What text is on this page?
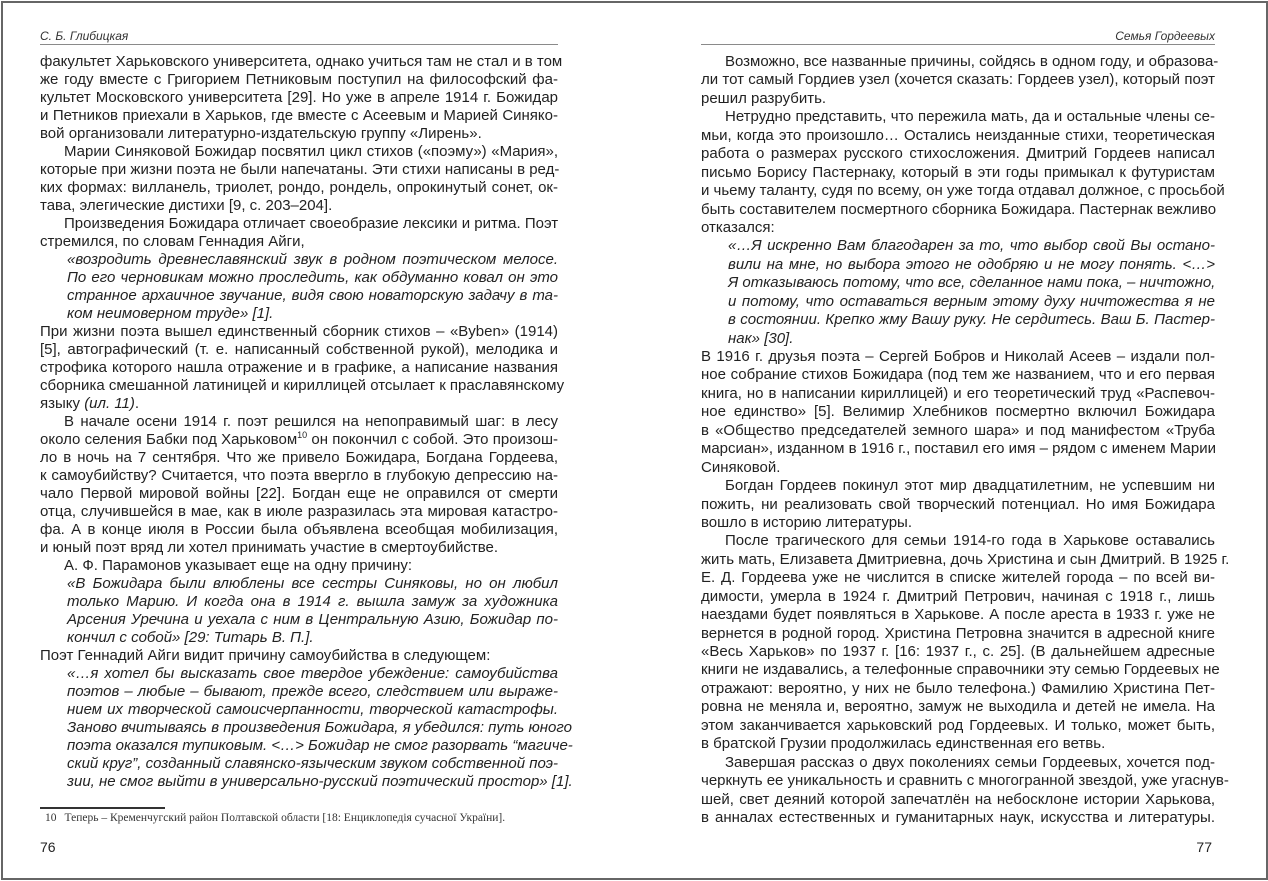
С. Б. Глибицкая
факультет Харьковского университета, однако учиться там не стал и в том
же году вместе с Григорием Петниковым поступил на философский фа-
культет Московского университета [29]. Но уже в апреле 1914 г. Божидар
и Петников приехали в Харьков, где вместе с Асеевым и Марией Синяко-
вой организовали литературно-издательскую группу «Лирень».
Марии Синяковой Божидар посвятил цикл стихов («поэму») «Мария»,
которые при жизни поэта не были напечатаны. Эти стихи написаны в ред-
ких формах: вилланель, триолет, рондо, рондель, опрокинутый сонет, ок-
тава, элегические дистихи [9, с. 203–204].
Произведения Божидара отличает своеобразие лексики и ритма. Поэт
стремился, по словам Геннадия Айги,
«возродить древнеславянский звук в родном поэтическом мелосе.
По его черновикам можно проследить, как обдуманно ковал он это
странное архаичное звучание, видя свою новаторскую задачу в та-
ком неимоверном труде» [1].
При жизни поэта вышел единственный сборник стихов – «Byben» (1914)
[5], автографический (т. е. написанный собственной рукой), мелодика и
строфика которого нашла отражение и в графике, а написание названия
сборника смешанной латиницей и кириллицей отсылает к праславянскому
языку (ил. 11).
В начале осени 1914 г. поэт решился на непоправимый шаг: в лесу
около селения Бабки под Харьковом$^{10}$ он покончил с собой. Это произош-
ло в ночь на 7 сентября. Что же привело Божидара, Богдана Гордеева,
к самоубийству? Считается, что поэта ввергло в глубокую депрессию на-
чало Первой мировой войны [22]. Богдан еще не оправился от смерти
отца, случившейся в мае, как в июле разразилась эта мировая катастро-
фа. А в конце июля в России была объявлена всеобщая мобилизация,
и юный поэт вряд ли хотел принимать участие в смертоубийстве.
А. Ф. Парамонов указывает еще на одну причину:
«В Божидара были влюблены все сестры Синяковы, но он любил
только Марию. И когда она в 1914 г. вышла замуж за художника
Арсения Уречина и уехала с ним в Центральную Азию, Божидар по-
кончил с собой» [29: Титарь В. П.].
Поэт Геннадий Айги видит причину самоубийства в следующем:
«…я хотел бы высказать свое твердое убеждение: самоубийства
поэтов – любые – бывают, прежде всего, следствием или выраже-
нием их творческой самоисчерпанности, творческой катастрофы.
Заново вчитываясь в произведения Божидара, я убедился: путь юного
поэта оказался тупиковым. <…> Божидар не смог разорвать “магиче-
ский круг”, созданный славянско-языческим звуком собственной поэ-
зии, не смог выйти в универсально-русский поэтический простор» [1].
10 Теперь – Кременчугский район Полтавской области [18: Енциклопедія сучасної України].
76
Семья Гордеевых
Возможно, все названные причины, сойдясь в одном году, и образова-
ли тот самый Гордиев узел (хочется сказать: Гордеев узел), который поэт
решил разрубить.
Нетрудно представить, что пережила мать, да и остальные члены се-
мьи, когда это произошло… Остались неизданные стихи, теоретическая
работа о размерах русского стихосложения. Дмитрий Гордеев написал
письмо Борису Пастернаку, который в эти годы примыкал к футуристам
и чьему таланту, судя по всему, он уже тогда отдавал должное, с просьбой
быть составителем посмертного сборника Божидара. Пастернак вежливо
отказался:
«…Я искренно Вам благодарен за то, что выбор свой Вы остано-
вили на мне, но выбора этого не одобряю и не могу понять. <…>
Я отказываюсь потому, что все, сделанное нами пока, – ничтожно,
и потому, что оставаться верным этому духу ничтожества я не
в состоянии. Крепко жму Вашу руку. Не сердитесь. Ваш Б. Пастер-
нак» [30].
В 1916 г. друзья поэта – Сергей Бобров и Николай Асеев – издали пол-
ное собрание стихов Божидара (под тем же названием, что и его первая
книга, но в написании кириллицей) и его теоретический труд «Распевоч-
ное единство» [5]. Велимир Хлебников посмертно включил Божидара
в «Общество председателей земного шара» и под манифестом «Труба
марсиан», изданном в 1916 г., поставил его имя – рядом с именем Марии
Синяковой.
Богдан Гордеев покинул этот мир двадцатилетним, не успевшим ни
пожить, ни реализовать свой творческий потенциал. Но имя Божидара
вошло в историю литературы.
После трагического для семьи 1914-го года в Харькове оставались
жить мать, Елизавета Дмитриевна, дочь Христина и сын Дмитрий. В 1925 г.
Е. Д. Гордеева уже не числится в списке жителей города – по всей ви-
димости, умерла в 1924 г. Дмитрий Петрович, начиная с 1918 г., лишь
наездами будет появляться в Харькове. А после ареста в 1933 г. уже не
вернется в родной город. Христина Петровна значится в адресной книге
«Весь Харьков» по 1937 г. [16: 1937 г., с. 25]. (В дальнейшем адресные
книги не издавались, а телефонные справочники эту семью Гордеевых не
отражают: вероятно, у них не было телефона.) Фамилию Христина Пет-
ровна не меняла и, вероятно, замуж не выходила и детей не имела. На
этом заканчивается харьковский род Гордеевых. И только, может быть,
в братской Грузии продолжилась единственная его ветвь.
Завершая рассказ о двух поколениях семьи Гордеевых, хочется под-
черкнуть ее уникальность и сравнить с многогранной звездой, уже угаснув-
шей, свет деяний которой запечатлён на небосклоне истории Харькова,
в анналах естественных и гуманитарных наук, искусства и литературы.
77
